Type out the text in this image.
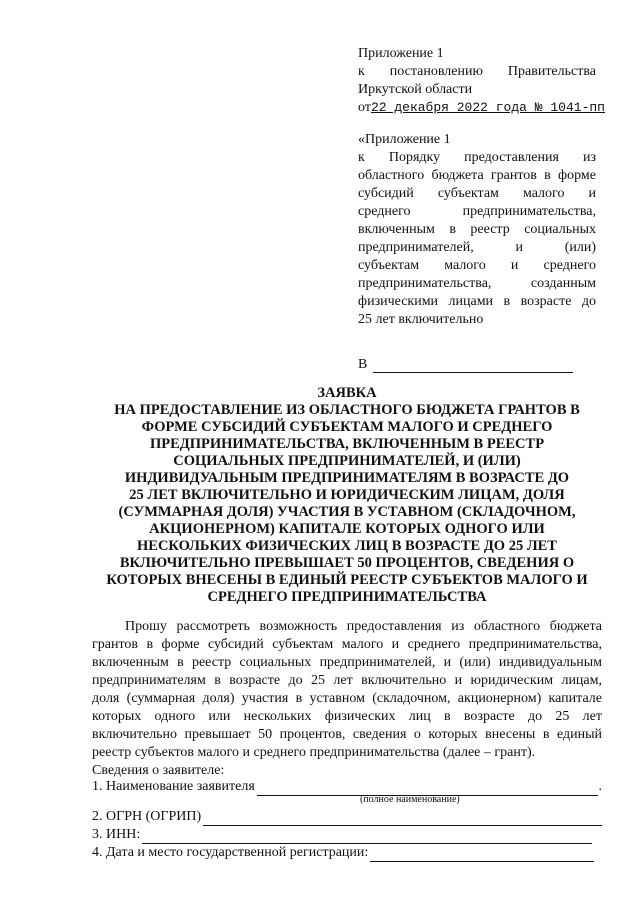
Приложение 1
к постановлению Правительства
Иркутской области
от22 декабря 2022 года № 1041-пп
«Приложение 1
к Порядку предоставления из
областного бюджета грантов в форме
субсидий субъектам малого и
среднего предпринимательства,
включенным в реестр социальных
предпринимателей, и (или)
субъектам малого и среднего
предпринимательства, созданным
физическими лицами в возрасте до
25 лет включительно
В
ЗАЯВКА
НА ПРЕДОСТАВЛЕНИЕ ИЗ ОБЛАСТНОГО БЮДЖЕТА ГРАНТОВ В
ФОРМЕ СУБСИДИЙ СУБЪЕКТАМ МАЛОГО И СРЕДНЕГО
ПРЕДПРИНИМАТЕЛЬСТВА, ВКЛЮЧЕННЫМ В РЕЕСТР
СОЦИАЛЬНЫХ ПРЕДПРИНИМАТЕЛЕЙ, И (ИЛИ)
ИНДИВИДУАЛЬНЫМ ПРЕДПРИНИМАТЕЛЯМ В ВОЗРАСТЕ ДО
25 ЛЕТ ВКЛЮЧИТЕЛЬНО И ЮРИДИЧЕСКИМ ЛИЦАМ, ДОЛЯ
(СУММАРНАЯ ДОЛЯ) УЧАСТИЯ В УСТАВНОМ (СКЛАДОЧНОМ,
АКЦИОНЕРНОМ) КАПИТАЛЕ КОТОРЫХ ОДНОГО ИЛИ
НЕСКОЛЬКИХ ФИЗИЧЕСКИХ ЛИЦ В ВОЗРАСТЕ ДО 25 ЛЕТ
ВКЛЮЧИТЕЛЬНО ПРЕВЫШАЕТ 50 ПРОЦЕНТОВ, СВЕДЕНИЯ О
КОТОРЫХ ВНЕСЕНЫ В ЕДИНЫЙ РЕЕСТР СУБЪЕКТОВ МАЛОГО И
СРЕДНЕГО ПРЕДПРИНИМАТЕЛЬСТВА
Прошу рассмотреть возможность предоставления из областного бюджета
грантов в форме субсидий субъектам малого и среднего предпринимательства,
включенным в реестр социальных предпринимателей, и (или) индивидуальным
предпринимателям в возрасте до 25 лет включительно и юридическим лицам,
доля (суммарная доля) участия в уставном (складочном, акционерном) капитале
которых одного или нескольких физических лиц в возрасте до 25 лет
включительно превышает 50 процентов, сведения о которых внесены в единый
реестр субъектов малого и среднего предпринимательства (далее – грант).
Сведения о заявителе:
1. Наименование заявителя	.
(полное наименование)
2. ОГРН (ОГРИП)
3. ИНН:
4. Дата и место государственной регистрации:
